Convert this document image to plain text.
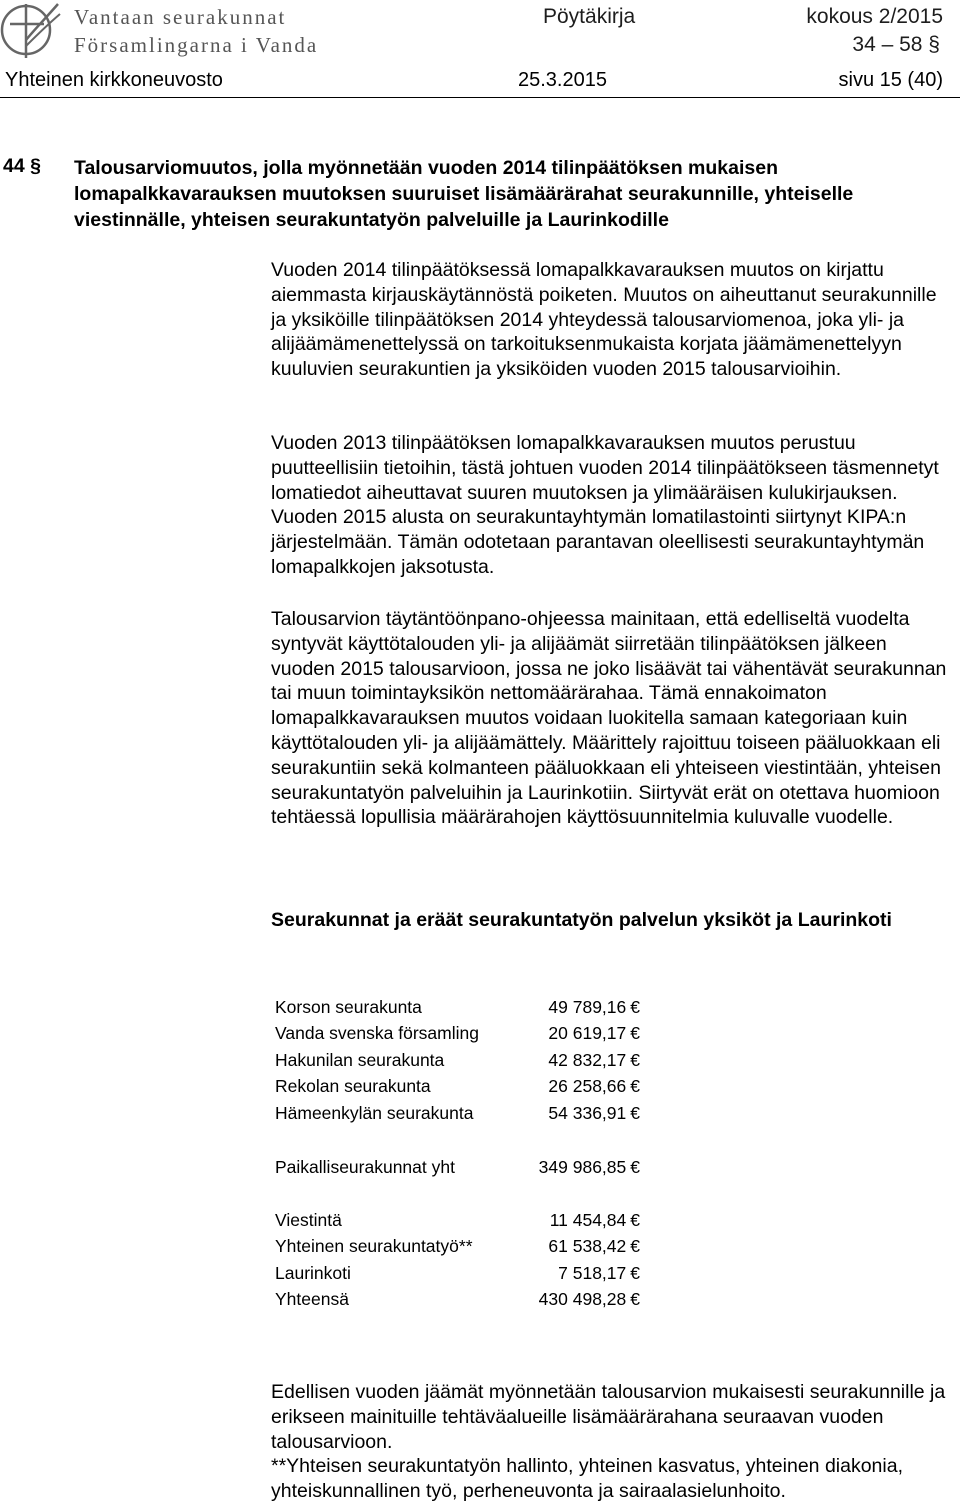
Vantaan seurakunnat
Församlingarna i Vanda
Pöytäkirja	kokous 2/2015
34 – 58 §
Yhteinen kirkkoneuvosto	25.3.2015	sivu 15 (40)
44 § Talousarviomuutos, jolla myönnetään vuoden 2014 tilinpäätöksen mukaisen lomapalkkavarauksen muutoksen suuruiset lisämäärärahat seurakunnille, yhteiselle viestinnälle, yhteisen seurakuntatyön palveluille ja Laurinkodille

Vuoden 2014 tilinpäätöksessä lomapalkkavarauksen muutos on kirjattu aiemmasta kirjauskäytännöstä poiketen. Muutos on aiheuttanut seurakunnille ja yksiköille tilinpäätöksen 2014 yhteydessä talousarviomenoa, joka yli- ja alijäämämenettelyssä on tarkoituksenmukaista korjata jäämämenettelyyn kuuluvien seurakuntien ja yksiköiden vuoden 2015 talousarvioihin.

Vuoden 2013 tilinpäätöksen lomapalkkavarauksen muutos perustuu puutteellisiin tietoihin, tästä johtuen vuoden 2014 tilinpäätökseen täsmennetyt lomatiedot aiheuttavat suuren muutoksen ja ylimääräisen kulukirjauksen. Vuoden 2015 alusta on seurakuntayhtymän lomatilastointi siirtynyt KIPA:n järjestelmään. Tämän odotetaan parantavan oleellisesti seurakuntayhtymän lomapalkkojen jaksotusta.

Talousarvion täytäntöönpano-ohjeessa mainitaan, että edelliseltä vuodelta syntyvät käyttötalouden yli- ja alijäämät siirretään tilinpäätöksen jälkeen vuoden 2015 talousarvioon, jossa ne joko lisäävät tai vähentävät seurakunnan tai muun toimintayksikön nettomäärärahaa. Tämä ennakoimaton lomapalkkavarauksen muutos voidaan luokitella samaan kategoriaan kuin käyttötalouden yli- ja alijäämättely. Määrittely rajoittuu toiseen pääluokkaan eli seurakuntiin sekä kolmanteen pääluokkaan eli yhteiseen viestintään, yhteisen seurakuntatyön palveluihin ja Laurinkotiin. Siirtyvät erät on otettava huomioon tehtäessä lopullisia määrärahojen käyttösuunnitelmia kuluvalle vuodelle.

Seurakunnat ja eräät seurakuntatyön palvelun yksiköt ja Laurinkoti

Korson seurakunta	49 789,16 €
Vanda svenska församling	20 619,17 €
Hakunilan seurakunta	42 832,17 €
Rekolan seurakunta	26 258,66 €
Hämeenkylän seurakunta	54 336,91 €
Paikalliseurakunnat yht	349 986,85 €
Viestintä	11 454,84 €
Yhteinen seurakuntatyö**	61 538,42 €
Laurinkoti	7 518,17 €
Yhteensä	430 498,28 €
Edellisen vuoden jäämät myönnetään talousarvion mukaisesti seurakunnille ja erikseen mainituille tehtäväalueille lisämäärärahana seuraavan vuoden talousarvioon.
**Yhteisen seurakuntatyön hallinto, yhteinen kasvatus, yhteinen diakonia, yhteiskunnallinen työ, perheneuvonta ja sairaalasielunhoito.
